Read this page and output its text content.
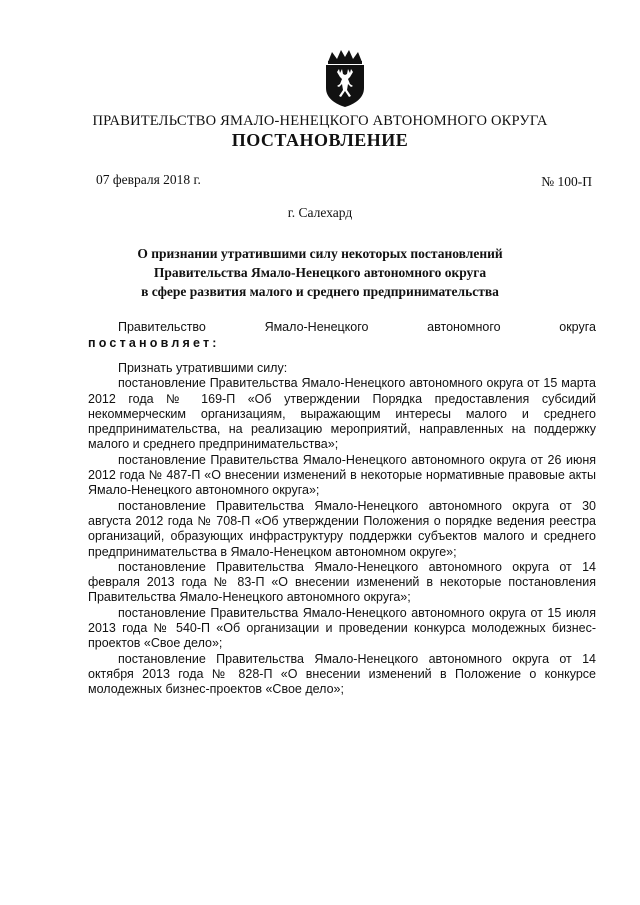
ПРАВИТЕЛЬСТВО ЯМАЛО-НЕНЕЦКОГО АВТОНОМНОГО ОКРУГА
ПОСТАНОВЛЕНИЕ
07 февраля 2018 г.	№ 100-П
г. Салехард
О признании утратившими силу некоторых постановлений
Правительства Ямало-Ненецкого автономного округа
в сфере развития малого и среднего предпринимательства
Правительство	Ямало-Ненецкого	автономного	округа
постановляет:

Признать утратившими силу:

постановление Правительства Ямало-Ненецкого автономного округа от 15 марта 2012 года № 169-П «Об утверждении Порядка предоставления субсидий некоммерческим организациям, выражающим интересы малого и среднего предпринимательства, на реализацию мероприятий, направленных на поддержку малого и среднего предпринимательства»;

постановление Правительства Ямало-Ненецкого автономного округа от 26 июня 2012 года № 487-П «О внесении изменений в некоторые нормативные правовые акты Ямало-Ненецкого автономного округа»;

постановление Правительства Ямало-Ненецкого автономного округа от 30 августа 2012 года № 708-П «Об утверждении Положения о порядке ведения реестра организаций, образующих инфраструктуру поддержки субъектов малого и среднего предпринимательства в Ямало-Ненецком автономном округе»;

постановление Правительства Ямало-Ненецкого автономного округа от 14 февраля 2013 года № 83-П «О внесении изменений в некоторые постановления Правительства Ямало-Ненецкого автономного округа»;

постановление Правительства Ямало-Ненецкого автономного округа от 15 июля 2013 года № 540-П «Об организации и проведении конкурса молодежных бизнес-проектов «Свое дело»;

постановление Правительства Ямало-Ненецкого автономного округа от 14 октября 2013 года № 828-П «О внесении изменений в Положение о конкурсе молодежных бизнес-проектов «Свое дело»;
